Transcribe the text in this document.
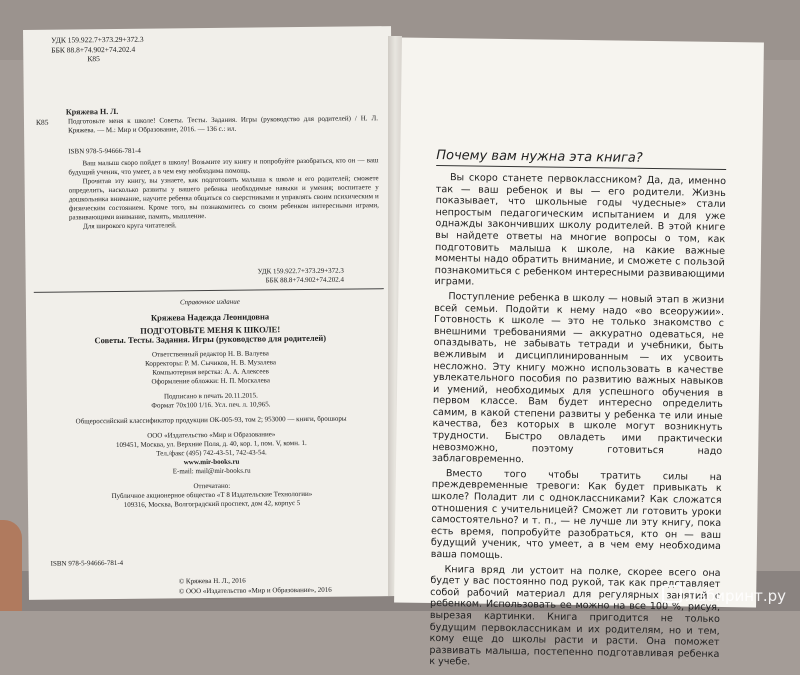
УДК 159.922.7+373.29+372.3
ББК 88.8+74.902+74.202.4
К85
Кряжева Н. Л.
К85	Подготовьте меня к школе! Советы. Тесты. Задания. Игры (руководство для родителей) / Н. Л. Кряжева. — М.: Мир и Образование, 2016. — 136 с.: ил.
ISBN 978-5-94666-781-4

Ваш малыш скоро пойдет в школу! Возьмите эту книгу и попробуйте разобраться, кто он — ваш будущий ученик, что умеет, а в чем ему необходима помощь.

Прочитав эту книгу, вы узнаете, как подготовить малыша к школе и его родителей; сможете определить, насколько развиты у вашего ребенка необходимые навыки и умения; воспитаете у дошкольника внимание, научите ребенка общаться со сверстниками и управлять своим психическим и физическим состоянием. Кроме того, вы познакомитесь со своим ребенком интересными играми, развивающими внимание, память, мышление.

Для широкого круга читателей.

УДК 159.922.7+373.29+372.3
ББК 88.8+74.902+74.202.4
Справочное издание
Кряжева Надежда Леонидовна
ПОДГОТОВЬТЕ МЕНЯ К ШКОЛЕ!
Советы. Тесты. Задания. Игры (руководство для родителей)
Ответственный редактор Н. В. Валуева
Корректоры: Р. М. Сычиков, Н. В. Музалева
Компьютерная верстка: А. А. Алексеев
Оформление обложки: Н. П. Москалева
Подписано в печать 20.11.2015.
Формат 70x100 1/16. Усл. печ. л. 10,965.
Общероссийский классификатор продукции ОК-005-93, том 2; 953000 — книги, брошюры
ООО «Издательство «Мир и Образование»
109451, Москва, ул. Верхние Поля, д. 40, кор. 1, пом. V, комн. 1.
Тел./факс (495) 742-43-51, 742-43-54.
www.mir-books.ru
E-mail: mail@mir-books.ru
Отпечатано:
Публичное акционерное общество «Т 8 Издательские Технологии»
109316, Москва, Волгоградский проспект, дом 42, корпус 5
ISBN 978-5-94666-781-4
© Кряжева Н. Л., 2016
© ООО «Издательство «Мир и Образование», 2016
Почему вам нужна эта книга?

Вы скоро станете первоклассником? Да, да, именно так — ваш ребенок и вы — его родители. Жизнь показывает, что школьные годы чудесные» стали непростым педагогическим испытанием и для уже однажды закончивших школу родителей. В этой книге вы найдете ответы на многие вопросы о том, как подготовить малыша к школе, на какие важные моменты надо обратить внимание, и сможете с пользой познакомиться с ребенком интересными развивающими играми.

Поступление ребенка в школу — новый этап в жизни всей семьи. Подойти к нему надо «во всеоружии». Готовность к школе — это не только знакомство с внешними требованиями — аккуратно одеваться, не опаздывать, не забывать тетради и учебники, быть вежливым и дисциплинированным — их усвоить несложно. Эту книгу можно использовать в качестве увлекательного пособия по развитию важных навыков и умений, необходимых для успешного обучения в первом классе. Вам будет интересно определить самим, в какой степени развиты у ребенка те или иные качества, без которых в школе могут возникнуть трудности. Быстро овладеть ими практически невозможно, поэтому готовиться надо заблаговременно.

Вместо того чтобы тратить силы на преждевременные тревоги: Как будет привыкать к школе? Поладит ли с одноклассниками? Как сложатся отношения с учительницей? Сможет ли готовить уроки самостоятельно? и т. п., — не лучше ли эту книгу, пока есть время, попробуйте разобраться, кто он — ваш будущий ученик, что умеет, а в чем ему необходима ваша помощь.

Книга вряд ли устоит на полке, скорее всего она будет у вас постоянно под рукой, так как представляет собой рабочий материал для регулярных занятий с ребенком. Использовать ее можно на все 100 %, рисуя, вырезая картинки. Книга пригодится не только будущим первоклассникам и их родителям, но и тем, кому еще до школы расти и расти. Она поможет развивать малыша, постепенно подготавливая ребенка к учебе.

Лабиринт.ру
